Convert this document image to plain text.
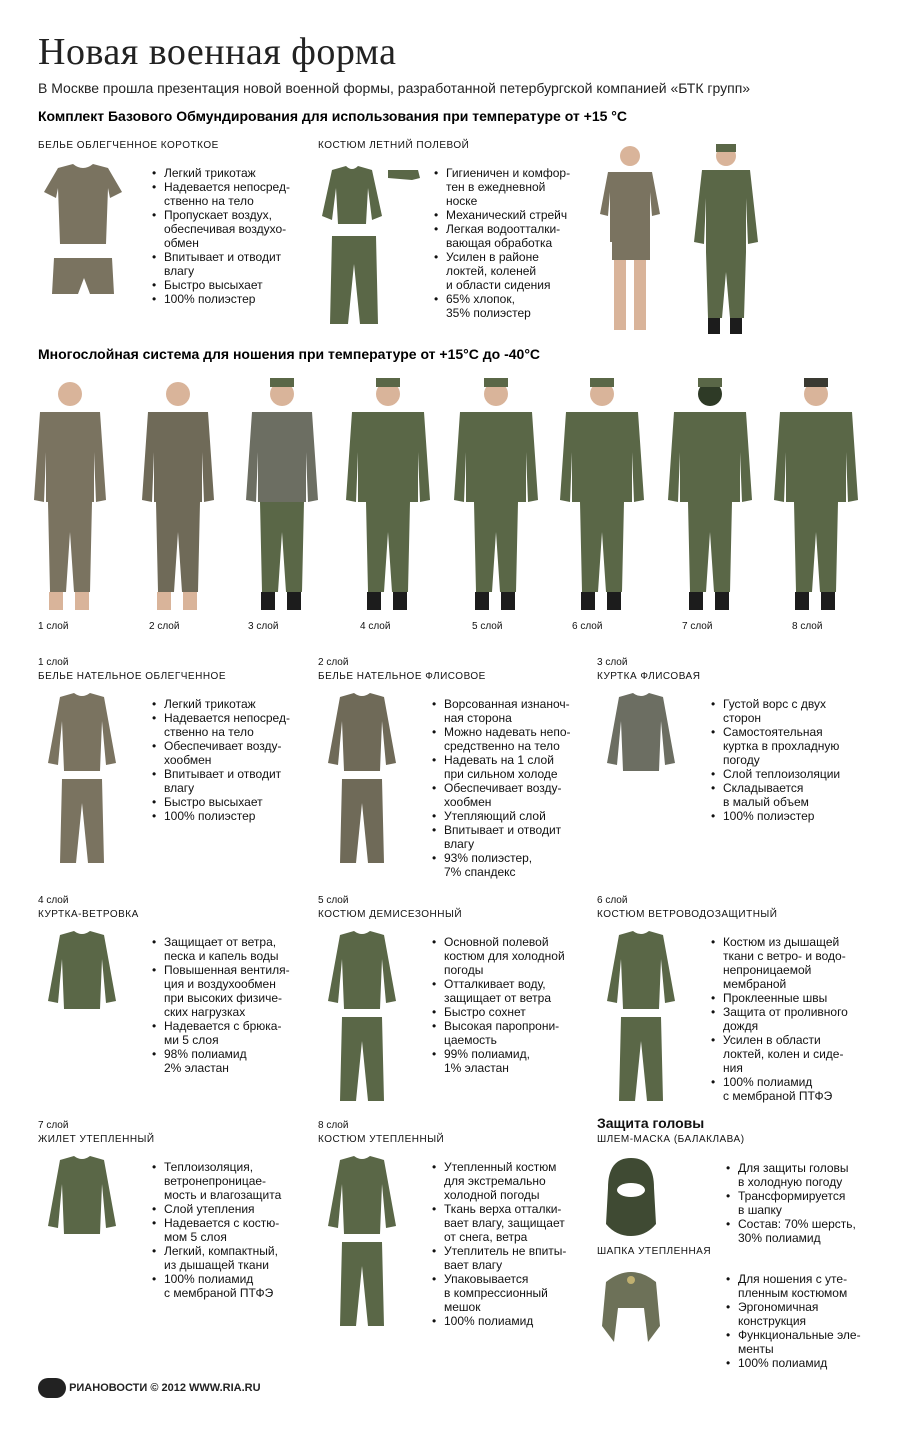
Новая военная форма
В Москве прошла презентация новой военной формы, разработанной петербургской компанией «БТК групп»
Комплект Базового Обмундирования для использования при температуре от +15 °С
БЕЛЬЕ ОБЛЕГЧЕННОЕ КОРОТКОЕ	КОСТЮМ ЛЕТНИЙ ПОЛЕВОЙ
• Легкий трикотаж
• Надевается непосред-
ственно на тело
• Пропускает воздух,
обеспечивая воздухо-
обмен
• Впитывает и отводит
влагу
• Быстро высыхает
• 100% полиэстер
• Гигиеничен и комфор-
тен в ежедневной
носке
• Механический стрейч
• Легкая водоотталки-
вающая обработка
• Усилен в районе
локтей, коленей
и области сидения
• 65% хлопок,
35% полиэстер
Многослойная система для ношения при температуре от +15°С до -40°С
1 слой	2 слой	3 слой	4 слой	5 слой	6 слой	7 слой	8 слой
1 слой
БЕЛЬЕ НАТЕЛЬНОЕ ОБЛЕГЧЕННОЕ
• Легкий трикотаж
• Надевается непосред-
ственно на тело
• Обеспечивает возду-
хообмен
• Впитывает и отводит
влагу
• Быстро высыхает
• 100% полиэстер
2 слой
БЕЛЬЕ НАТЕЛЬНОЕ ФЛИСОВОЕ
• Ворсованная изнаноч-
ная сторона
• Можно надевать непо-
средственно на тело
• Надевать на 1 слой
при сильном холоде
• Обеспечивает возду-
хообмен
• Утепляющий слой
• Впитывает и отводит
влагу
• 93% полиэстер,
7% спандекс
3 слой
КУРТКА ФЛИСОВАЯ
• Густой ворс с двух
сторон
• Самостоятельная
куртка в прохладную
погоду
• Слой теплоизоляции
• Складывается
в малый объем
• 100% полиэстер
4 слой
КУРТКА-ВЕТРОВКА
• Защищает от ветра,
песка и капель воды
• Повышенная вентиля-
ция и воздухообмен
при высоких физиче-
ских нагрузках
• Надевается с брюка-
ми 5 слоя
• 98% полиамид
2% эластан
5 слой
КОСТЮМ ДЕМИСЕЗОННЫЙ
• Основной полевой
костюм для холодной
погоды
• Отталкивает воду,
защищает от ветра
• Быстро сохнет
• Высокая паропрони-
цаемость
• 99% полиамид,
1% эластан
6 слой
КОСТЮМ ВЕТРОВОДОЗАЩИТНЫЙ
• Костюм из дышащей
ткани с ветро- и водо-
непроницаемой
мембраной
• Проклеенные швы
• Защита от проливного
дождя
• Усилен в области
локтей, колен и сиде-
ния
• 100% полиамид
с мембраной ПТФЭ
7 слой
ЖИЛЕТ УТЕПЛЕННЫЙ
• Теплоизоляция,
ветронепроницае-
мость и влагозащита
• Слой утепления
• Надевается с костю-
мом 5 слоя
• Легкий, компактный,
из дышащей ткани
• 100% полиамид
с мембраной ПТФЭ
8 слой
КОСТЮМ УТЕПЛЕННЫЙ
• Утепленный костюм
для экстремально
холодной погоды
• Ткань верха отталки-
вает влагу, защищает
от снега, ветра
• Утеплитель не впиты-
вает влагу
• Упаковывается
в компрессионный
мешок
• 100% полиамид
Защита головы
ШЛЕМ-МАСКА (БАЛАКЛАВА)
• Для защиты головы
в холодную погоду
• Трансформируется
в шапку
• Состав: 70% шерсть,
30% полиамид
ШАПКА УТЕПЛЕННАЯ
• Для ношения с уте-
пленным костюмом
• Эргономичная
конструкция
• Функциональные эле-
менты
• 100% полиамид
РИАНОВОСТИ © 2012 WWW.RIA.RU
